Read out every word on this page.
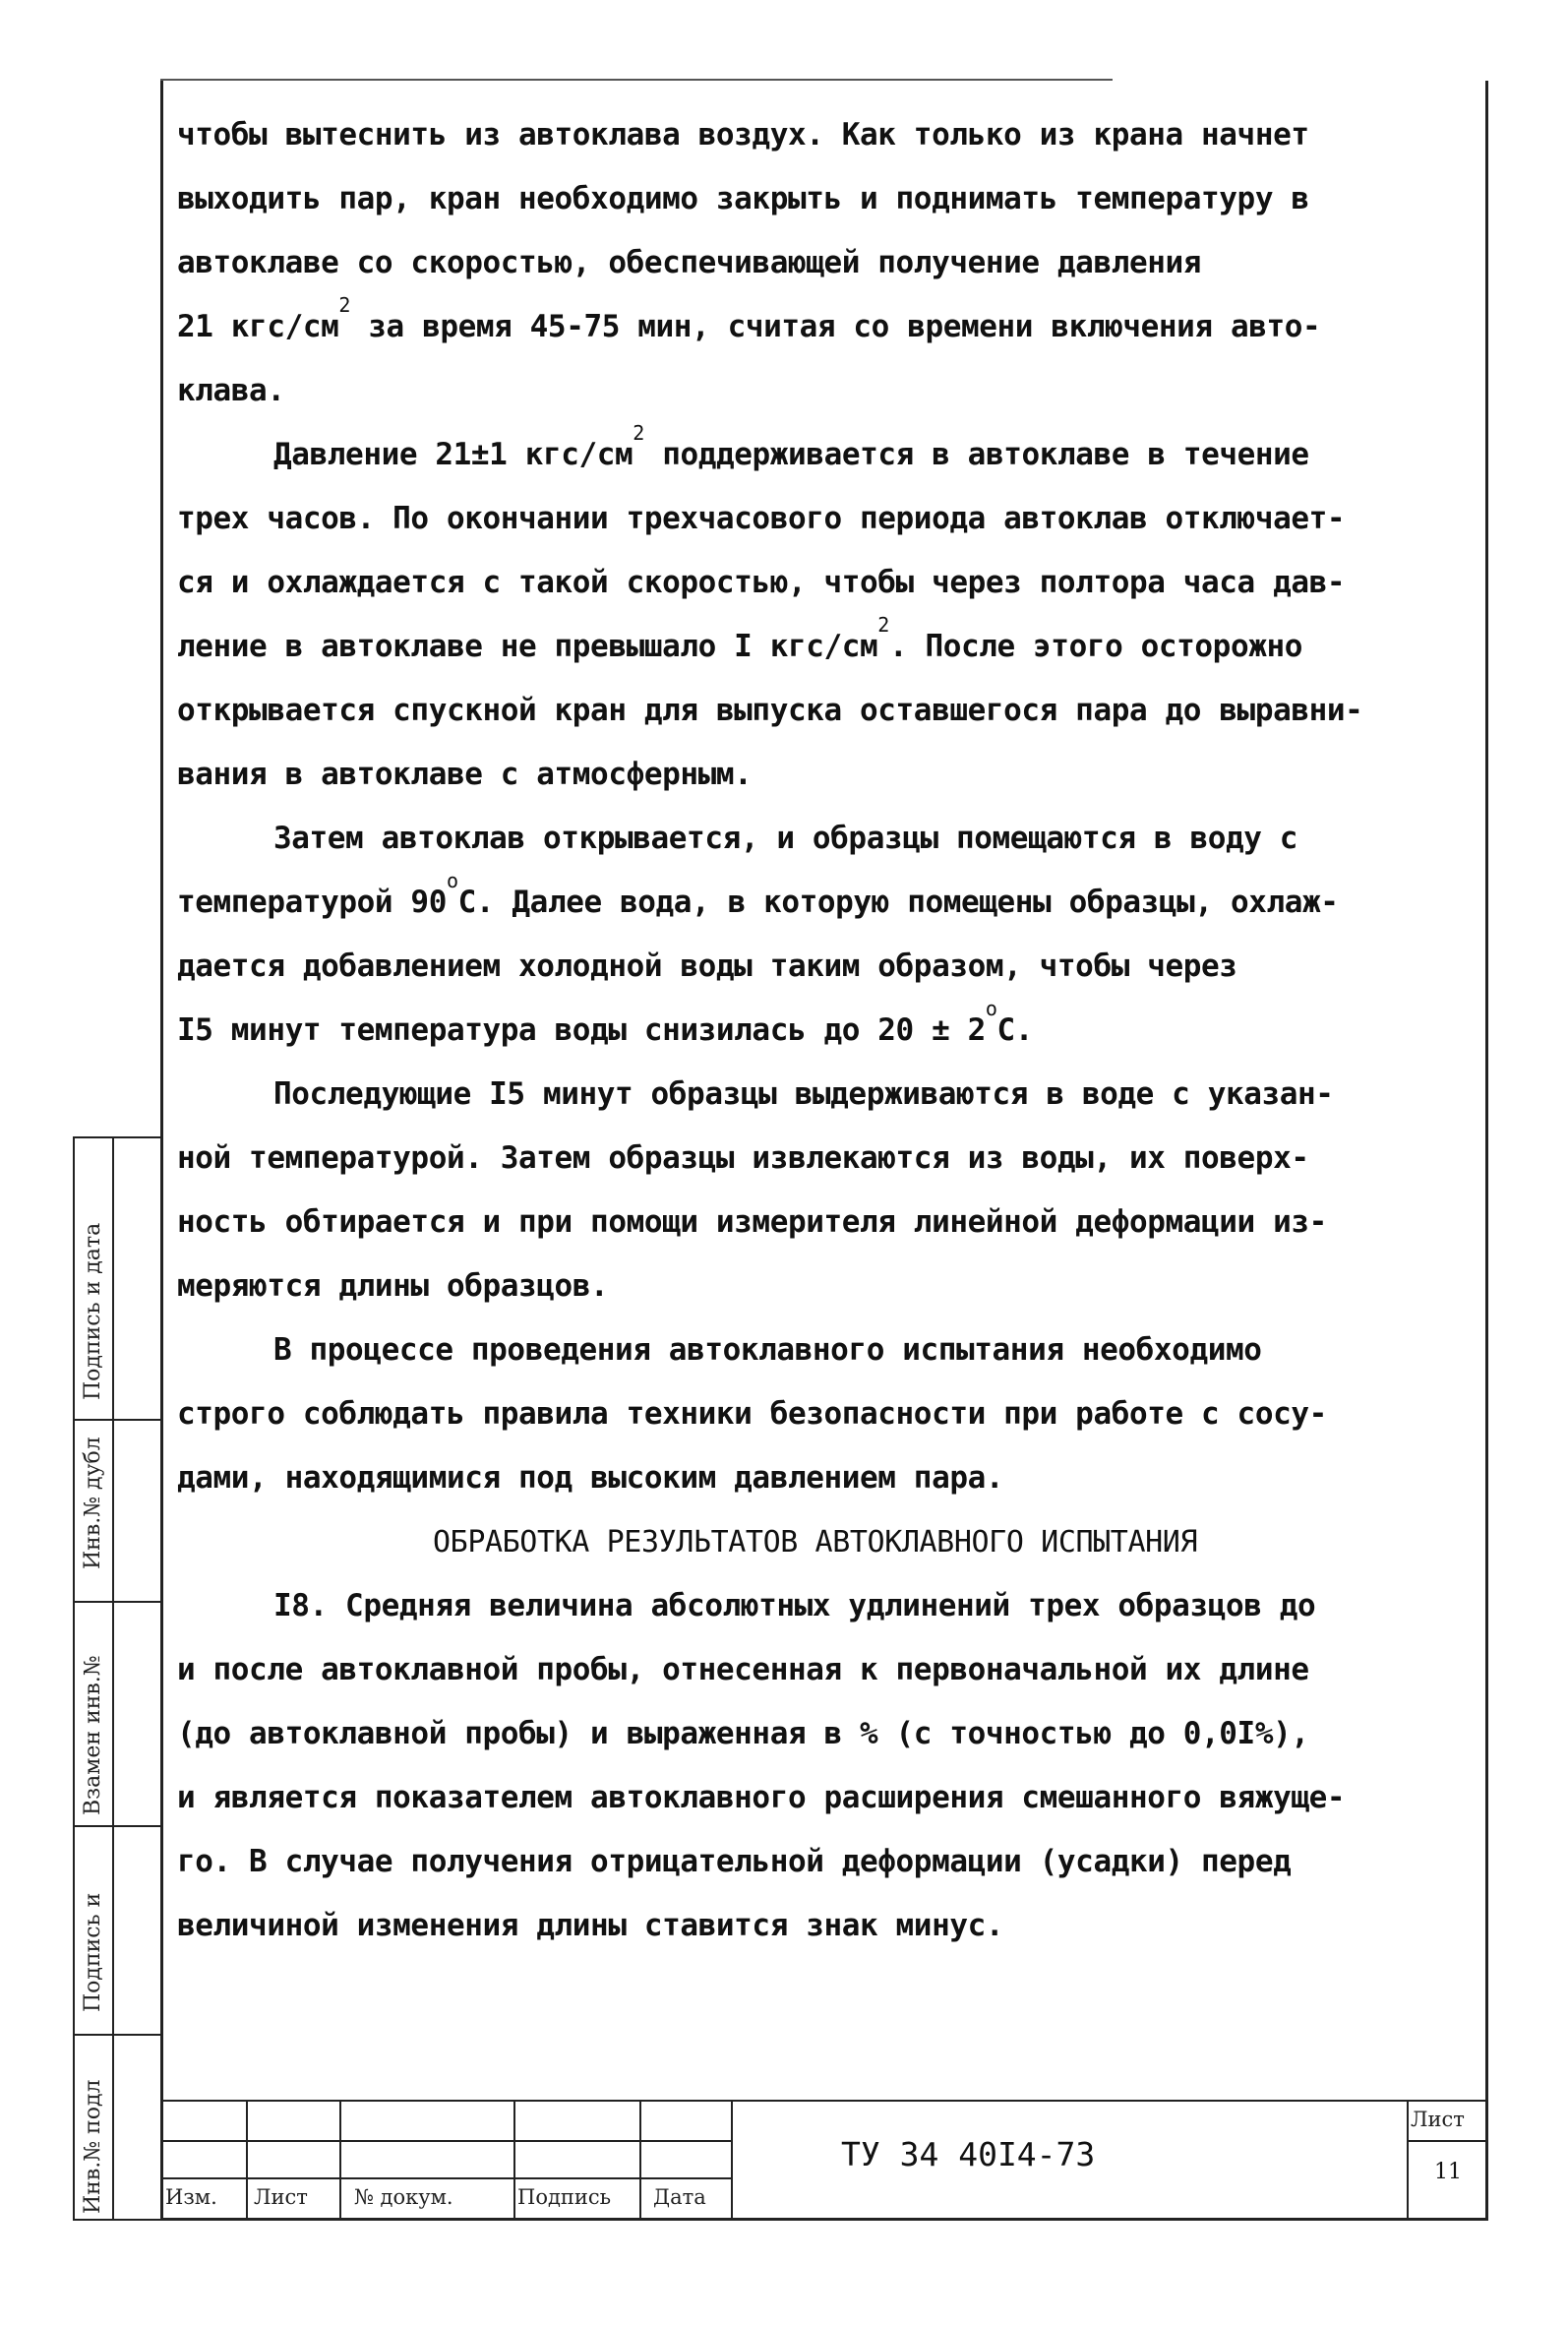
чтобы вытеснить из автоклава воздух. Как только из крана начнет
выходить пар, кран необходимо закрыть и поднимать температуру в
автоклаве со скоростью, обеспечивающей получение давления
21 кгс/$см^2$ за время 45-75 мин, считая со времени включения авто-
клава.
Давление 21±1 кгс/$см^2$ поддерживается в автоклаве в течение
трех часов. По окончании трехчасового периода автоклав отключает-
ся и охлаждается с такой скоростью, чтобы через полтора часа дав-
ление в автоклаве не превышало I кгс/$см^2$. После этого осторожно
открывается спускной кран для выпуска оставшегося пара до выравни-
вания в автоклаве с атмосферным.
Затем автоклав открывается, и образцы помещаются в воду с
температурой $90^оС$. Далее вода, в которую помещены образцы, охлаж-
дается добавлением холодной воды таким образом, чтобы через
I5 минут температура воды снизилась до $20 \pm 2^оС$.
Последующие I5 минут образцы выдерживаются в воде с указан-
ной температурой. Затем образцы извлекаются из воды, их поверх-
ность обтирается и при помощи измерителя линейной деформации из-
меряются длины образцов.
В процессе проведения автоклавного испытания необходимо
строго соблюдать правила техники безопасности при работе с сосу-
дами, находящимися под высоким давлением пара.
ОБРАБОТКА РЕЗУЛЬТАТОВ АВТОКЛАВНОГО ИСПЫТАНИЯ
I8. Средняя величина абсолютных удлинений трех образцов до
и после автоклавной пробы, отнесенная к первоначальной их длине
(до автоклавной пробы) и выраженная в % (с точностью до 0,0I%),
и является показателем автоклавного расширения смешанного вяжуще-
го. В случае получения отрицательной деформации (усадки) перед
величиной изменения длины ставится знак минус.
Подпись и дата
Инв.№ дубл
Взамен инв.№
Подпись и
Инв.№ подл	Изм. Лист № докум.	Подпись Дата
ТУ 34 40I4-73
Лист
11
